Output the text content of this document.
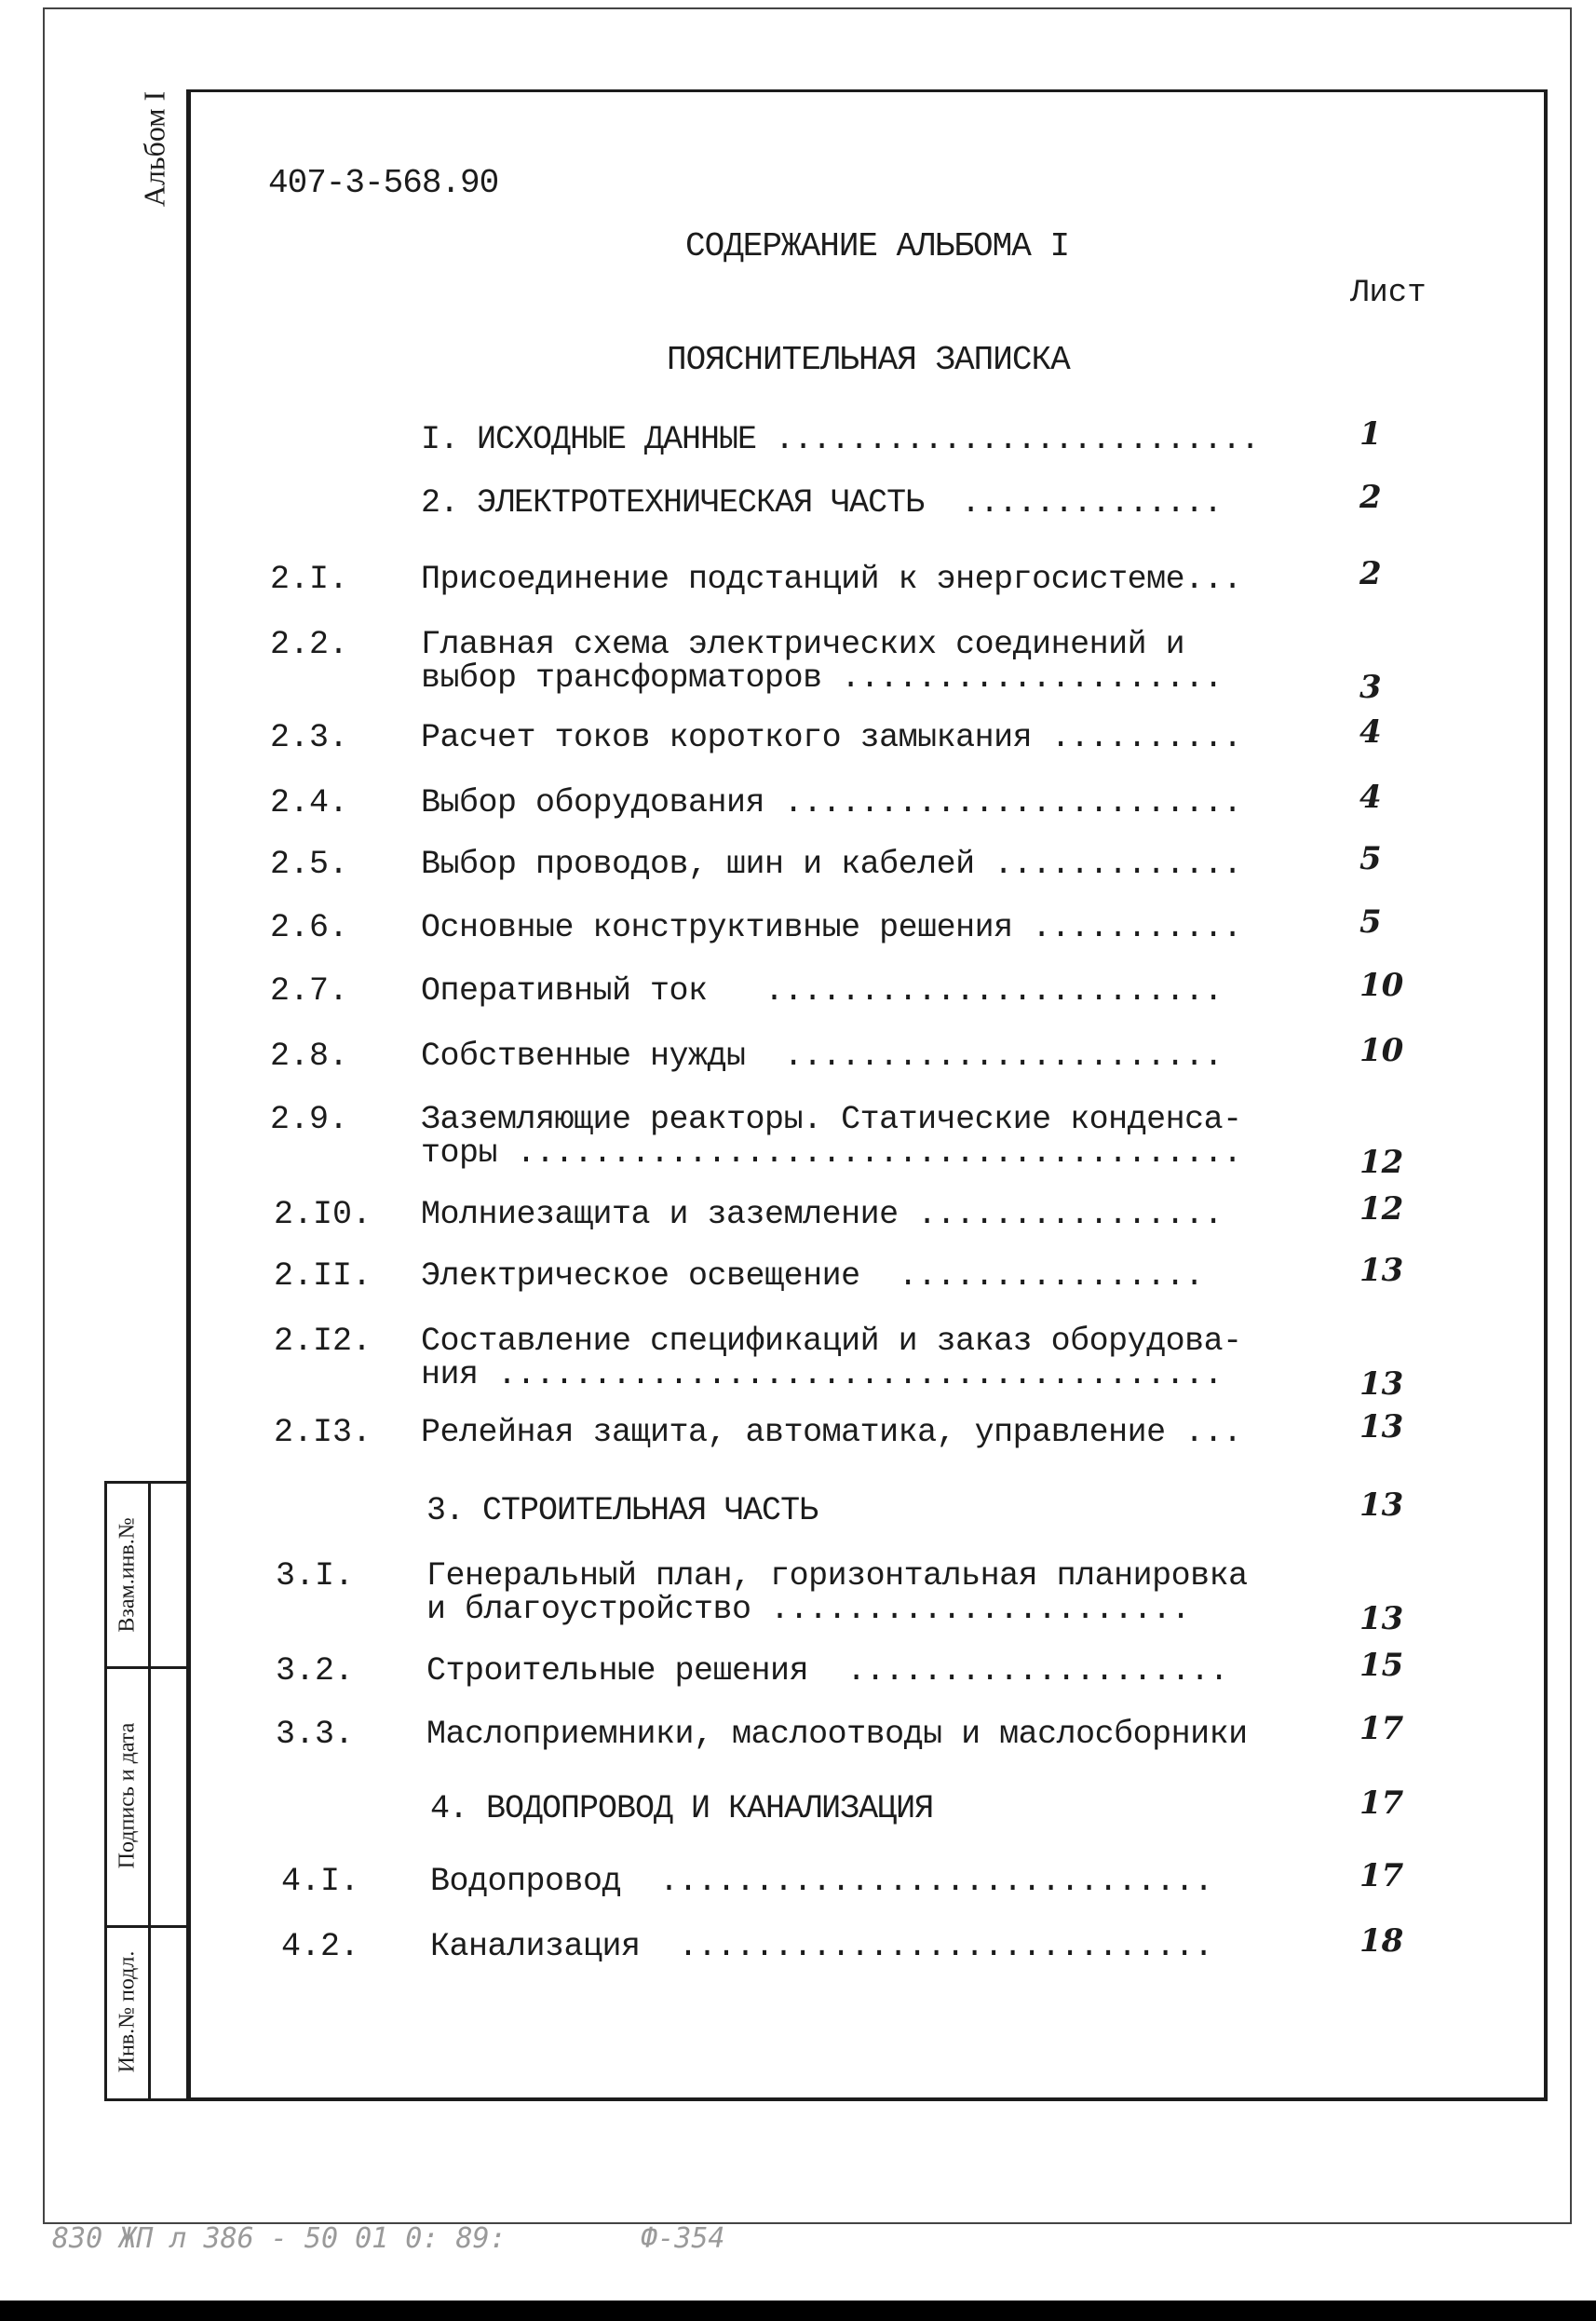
Альбом I
Взам.инв.№
Подпись и дата
Инв.№ подл.
407-3-568.90
СОДЕРЖАНИЕ АЛЬБОМА I
Лист
ПОЯСНИТЕЛЬНАЯ ЗАПИСКА
I. ИСХОДНЫЕ ДАННЫЕ ..........................	1
2. ЭЛЕКТРОТЕХНИЧЕСКАЯ ЧАСТЬ  ..............	2
2.I. Присоединение подстанций к энергосистеме...	2
2.2. Главная схема электрических соединений и
выбор трансформаторов ....................	3
2.3. Расчет токов короткого замыкания ..........	4
2.4. Выбор оборудования ........................	4
2.5. Выбор проводов, шин и кабелей .............	5
2.6. Основные конструктивные решения ...........	5
2.7. Оперативный ток   ........................	10
2.8. Собственные нужды  .......................	10
2.9. Заземляющие реакторы. Статические конденса-
торы ......................................	12
2.I0. Молниезащита и заземление ................	12
2.II. Электрическое освещение  ................	13
2.I2. Составление спецификаций и заказ оборудова-
ния ......................................	13
2.I3. Релейная защита, автоматика, управление ...	13
3. СТРОИТЕЛЬНАЯ ЧАСТЬ	13
3.I. Генеральный план, горизонтальная планировка
и благоустройство ......................	13
3.2. Строительные решения  ....................	15
3.3. Маслоприемники, маслоотводы и маслосборники	17
4. ВОДОПРОВОД И КАНАЛИЗАЦИЯ	17
4.I. Водопровод  .............................	17
4.2. Канализация  ............................	18
830 ЖП л 386 - 50 01 0: 89:        Ф-354
